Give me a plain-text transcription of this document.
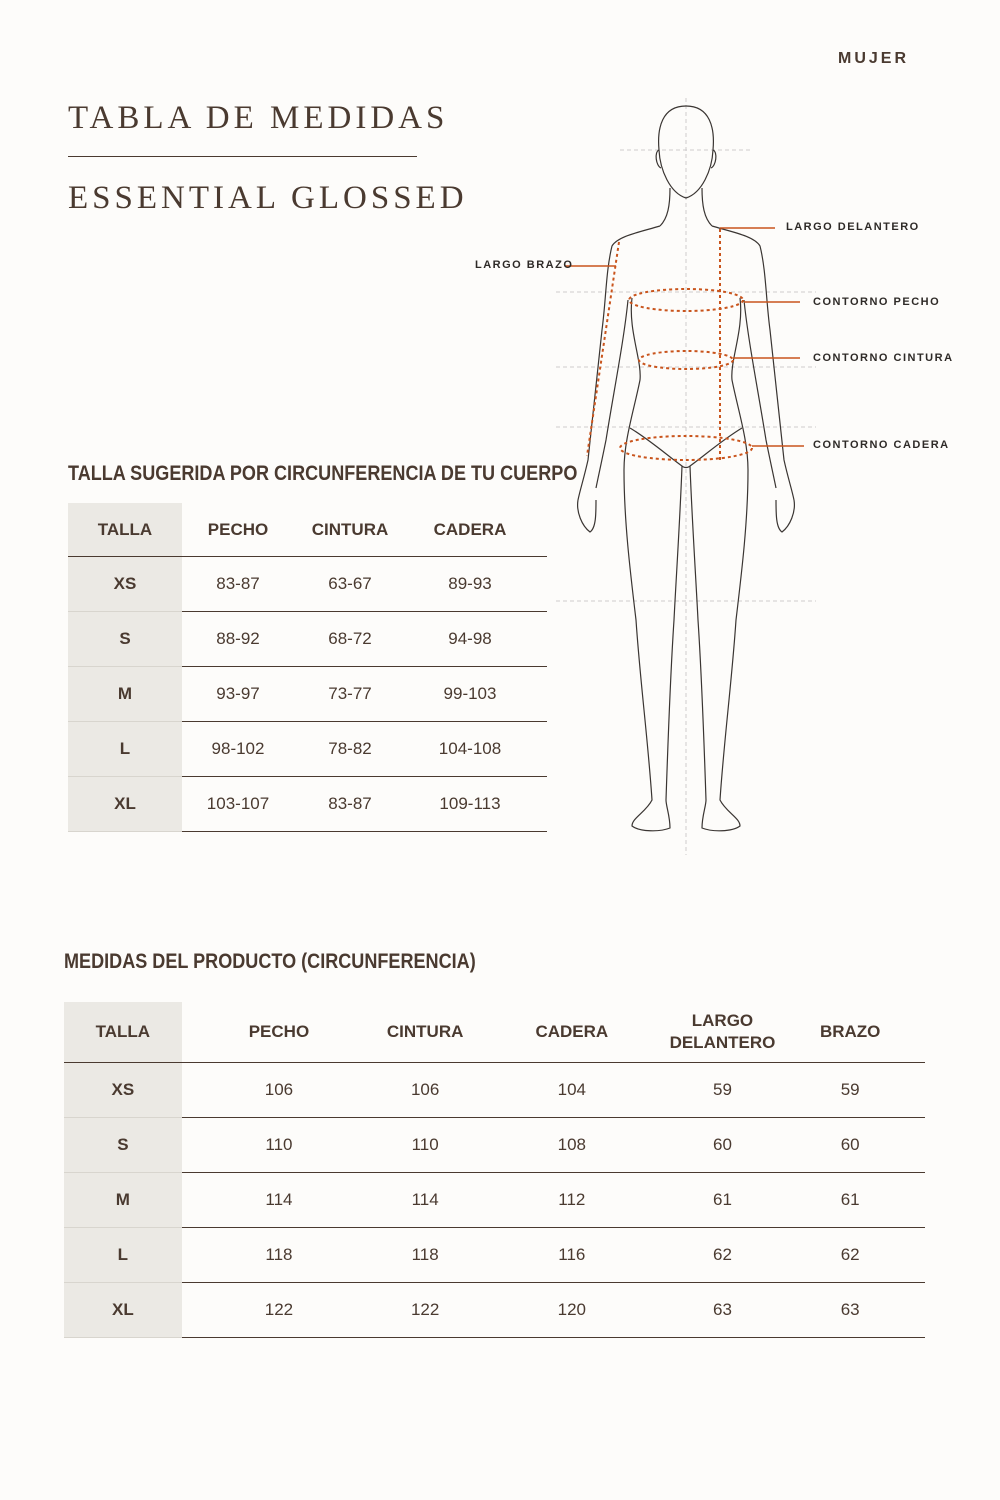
MUJER
TABLA DE MEDIDAS
ESSENTIAL GLOSSED
LARGO DELANTERO
LARGO BRAZO
CONTORNO PECHO
CONTORNO CINTURA
CONTORNO CADERA
TALLA SUGERIDA POR CIRCUNFERENCIA DE TU CUERPO
TALLA	PECHO	CINTURA	CADERA	
XS	83-87	63-67	89-93	
S	88-92	68-72	94-98	
M	93-97	73-77	99-103	
L	98-102	78-82	104-108	
XL	103-107	83-87	109-113	
MEDIDAS DEL PRODUCTO (CIRCUNFERENCIA)
TALLA	PECHO	CINTURA	CADERA	LARGO DELANTERO	BRAZO
XS	106	106	104	59	59
S	110	110	108	60	60
M	114	114	112	61	61
L	118	118	116	62	62
XL	122	122	120	63	63
